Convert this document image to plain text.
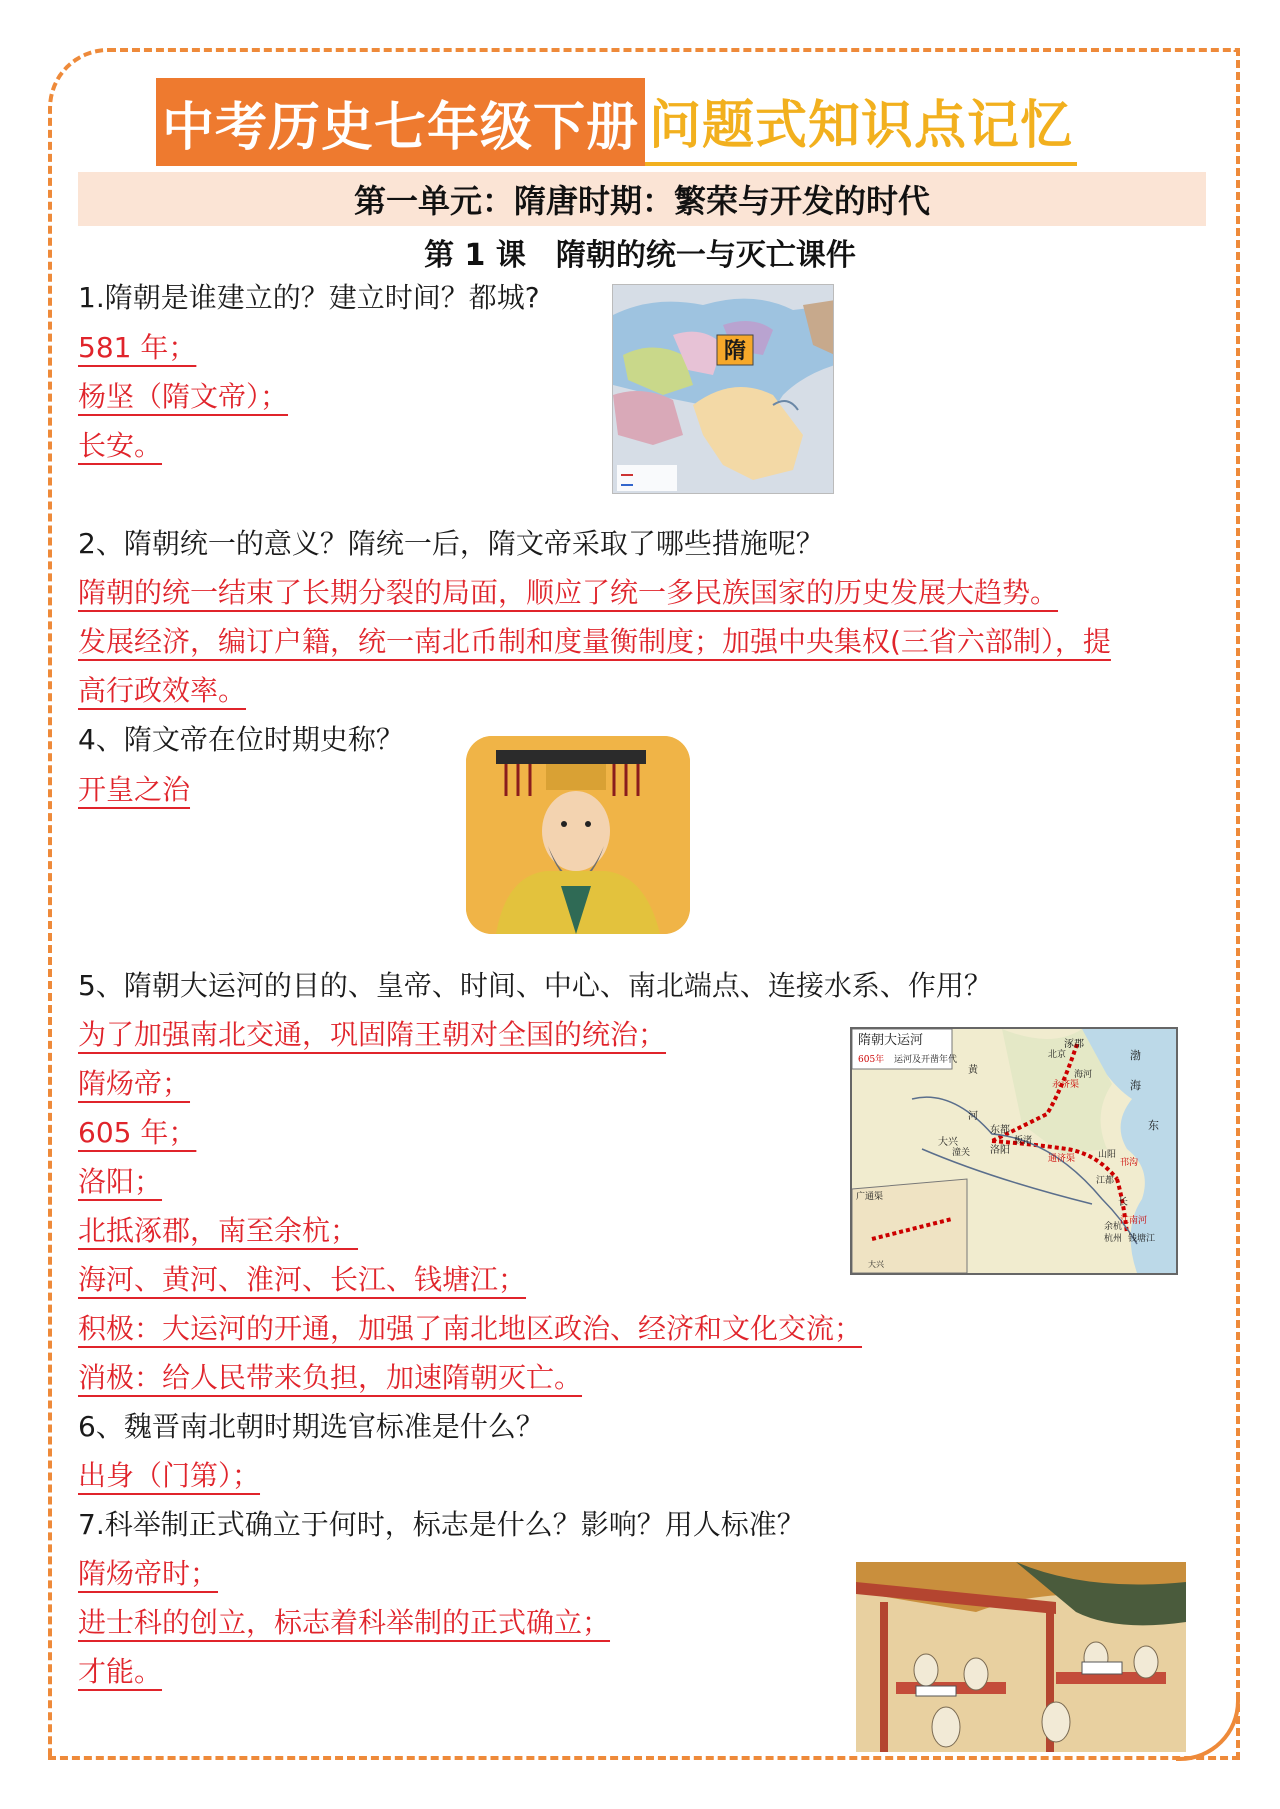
中考历史七年级下册 问题式知识点记忆
第一单元：隋唐时期：繁荣与开发的时代
第 1 课　隋朝的统一与灭亡课件
1.隋朝是谁建立的？建立时间？都城?
581 年；
杨坚（隋文帝）；
长安。
隋
2、隋朝统一的意义？隋统一后，隋文帝采取了哪些措施呢？
隋朝的统一结束了长期分裂的局面，顺应了统一多民族国家的历史发展大趋势。
发展经济，编订户籍，统一南北币制和度量衡制度；加强中央集权(三省六部制），提
高行政效率。
4、隋文帝在位时期史称？
开皇之治
5、隋朝大运河的目的、皇帝、时间、中心、南北端点、连接水系、作用？
为了加强南北交通，巩固隋王朝对全国的统治；
隋炀帝；
605 年；
洛阳；
北抵涿郡，南至余杭；
海河、黄河、淮河、长江、钱塘江；
积极：大运河的开通，加强了南北地区政治、经济和文化交流；
消极：给人民带来负担，加速隋朝灭亡。
隋朝大运河
605年 运河及开凿年代
广通渠
涿郡
北京
东都
大兴
洛阳
潼关
板渚
山阳
江都
余杭
杭州 钱塘江
海河
渤
海
东
黄
河
长
大兴
永济渠
通济渠	邗沟
江南河
6、魏晋南北朝时期选官标准是什么？
出身（门第）；
7.科举制正式确立于何时，标志是什么？影响？用人标准？
隋炀帝时；
进士科的创立，标志着科举制的正式确立；
才能。
